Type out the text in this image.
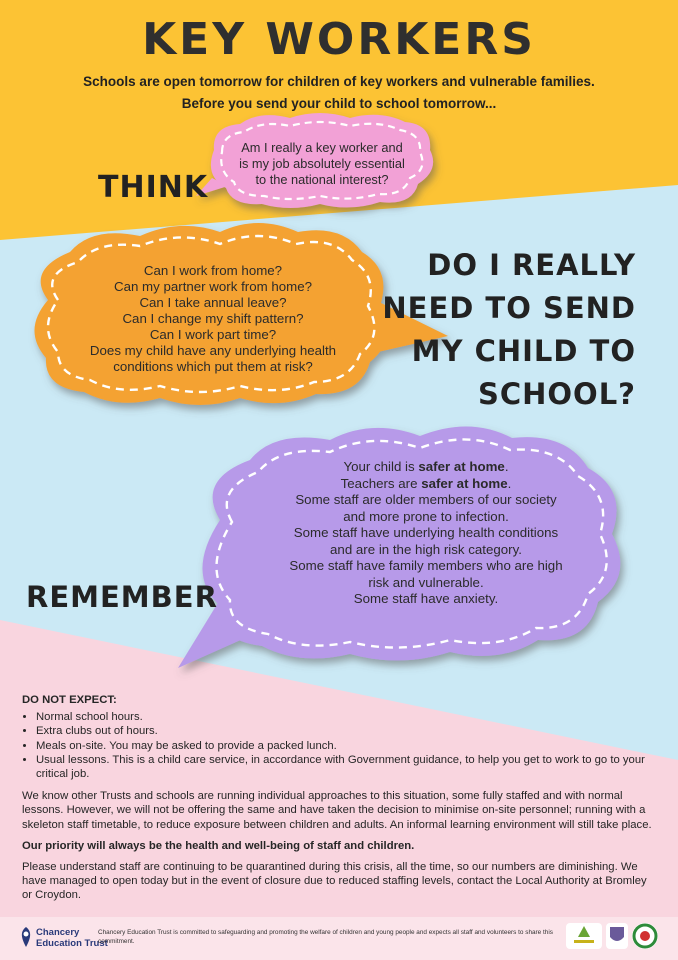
KEY WORKERS
Schools are open tomorrow for children of key workers and vulnerable families.
Before you send your child to school tomorrow...
THINK
Am I really a key worker and
is my job absolutely essential
to the national interest?
Can I work from home?
Can my partner work from home?
Can I take annual leave?
Can I change my shift pattern?
Can I work part time?
Does my child have any underlying health
conditions which put them at risk?
DO I REALLY
NEED TO SEND
MY CHILD TO
SCHOOL?
REMEMBER
Your child is safer at home.
Teachers are safer at home.
Some staff are older members of our society
and more prone to infection.
Some staff have underlying health conditions
and are in the high risk category.
Some staff have family members who are high
risk and vulnerable.
Some staff have anxiety.

DO NOT EXPECT:

• Normal school hours.
• Extra clubs out of hours.
• Meals on-site. You may be asked to provide a packed lunch.
• Usual lessons. This is a child care service, in accordance with Government guidance, to help you get to work to go to your critical job.

We know other Trusts and schools are running individual approaches to this situation, some fully staffed and with normal lessons. However, we will not be offering the same and have taken the decision to minimise on-site personnel; running with a skeleton staff timetable, to reduce exposure between children and adults. An informal learning environment will still take place.

Our priority will always be the health and well-being of staff and children.

Please understand staff are continuing to be quarantined during this crisis, all the time, so our numbers are diminishing. We have managed to open today but in the event of closure due to reduced staffing levels, contact the Local Authority at Bromley or Croydon.

Chancery
Education Trust
Chancery Education Trust is committed to safeguarding and promoting the welfare of children and young people and expects all staff and volunteers to share this commitment.
